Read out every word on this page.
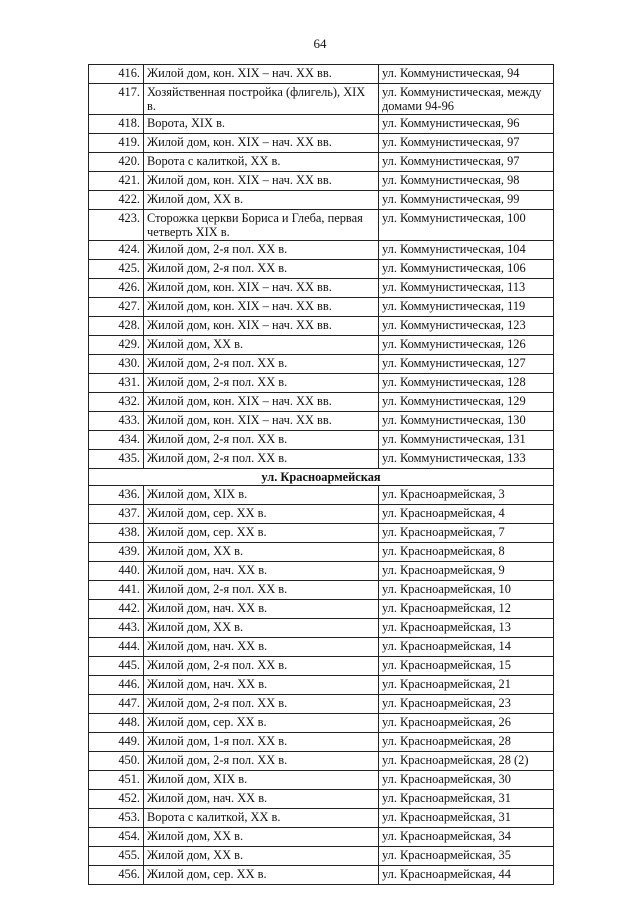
64
416.	Жилой дом, кон. XIX – нач. XX вв.	ул. Коммунистическая, 94
417.	Хозяйственная постройка (флигель), XIX в.	ул. Коммунистическая, между домами 94-96
418.	Ворота, XIX в.	ул. Коммунистическая, 96
419.	Жилой дом, кон. XIX – нач. XX вв.	ул. Коммунистическая, 97
420.	Ворота с калиткой, XX в.	ул. Коммунистическая, 97
421.	Жилой дом, кон. XIX – нач. XX вв.	ул. Коммунистическая, 98
422.	Жилой дом, XX в.	ул. Коммунистическая, 99
423.	Сторожка церкви Бориса и Глеба, первая четверть XIX в.	ул. Коммунистическая, 100
424.	Жилой дом, 2-я пол. XX в.	ул. Коммунистическая, 104
425.	Жилой дом, 2-я пол. XX в.	ул. Коммунистическая, 106
426.	Жилой дом, кон. XIX – нач. XX вв.	ул. Коммунистическая, 113
427.	Жилой дом, кон. XIX – нач. XX вв.	ул. Коммунистическая, 119
428.	Жилой дом, кон. XIX – нач. XX вв.	ул. Коммунистическая, 123
429.	Жилой дом, XX в.	ул. Коммунистическая, 126
430.	Жилой дом, 2-я пол. XX в.	ул. Коммунистическая, 127
431.	Жилой дом, 2-я пол. XX в.	ул. Коммунистическая, 128
432.	Жилой дом, кон. XIX – нач. XX вв.	ул. Коммунистическая, 129
433.	Жилой дом, кон. XIX – нач. XX вв.	ул. Коммунистическая, 130
434.	Жилой дом, 2-я пол. XX в.	ул. Коммунистическая, 131
435.	Жилой дом, 2-я пол. XX в.	ул. Коммунистическая, 133
ул. Красноармейская		
436.	Жилой дом, XIX в.	ул. Красноармейская, 3
437.	Жилой дом, сер. XX в.	ул. Красноармейская, 4
438.	Жилой дом, сер. XX в.	ул. Красноармейская, 7
439.	Жилой дом, XX в.	ул. Красноармейская, 8
440.	Жилой дом, нач. XX в.	ул. Красноармейская, 9
441.	Жилой дом, 2-я пол. XX в.	ул. Красноармейская, 10
442.	Жилой дом, нач. XX в.	ул. Красноармейская, 12
443.	Жилой дом, XX в.	ул. Красноармейская, 13
444.	Жилой дом, нач. XX в.	ул. Красноармейская, 14
445.	Жилой дом, 2-я пол. XX в.	ул. Красноармейская, 15
446.	Жилой дом, нач. XX в.	ул. Красноармейская, 21
447.	Жилой дом, 2-я пол. XX в.	ул. Красноармейская, 23
448.	Жилой дом, сер. XX в.	ул. Красноармейская, 26
449.	Жилой дом, 1-я пол. XX в.	ул. Красноармейская, 28
450.	Жилой дом, 2-я пол. XX в.	ул. Красноармейская, 28 (2)
451.	Жилой дом, XIX в.	ул. Красноармейская, 30
452.	Жилой дом, нач. XX в.	ул. Красноармейская, 31
453.	Ворота с калиткой, XX в.	ул. Красноармейская, 31
454.	Жилой дом, XX в.	ул. Красноармейская, 34
455.	Жилой дом, XX в.	ул. Красноармейская, 35
456.	Жилой дом, сер. XX в.	ул. Красноармейская, 44
